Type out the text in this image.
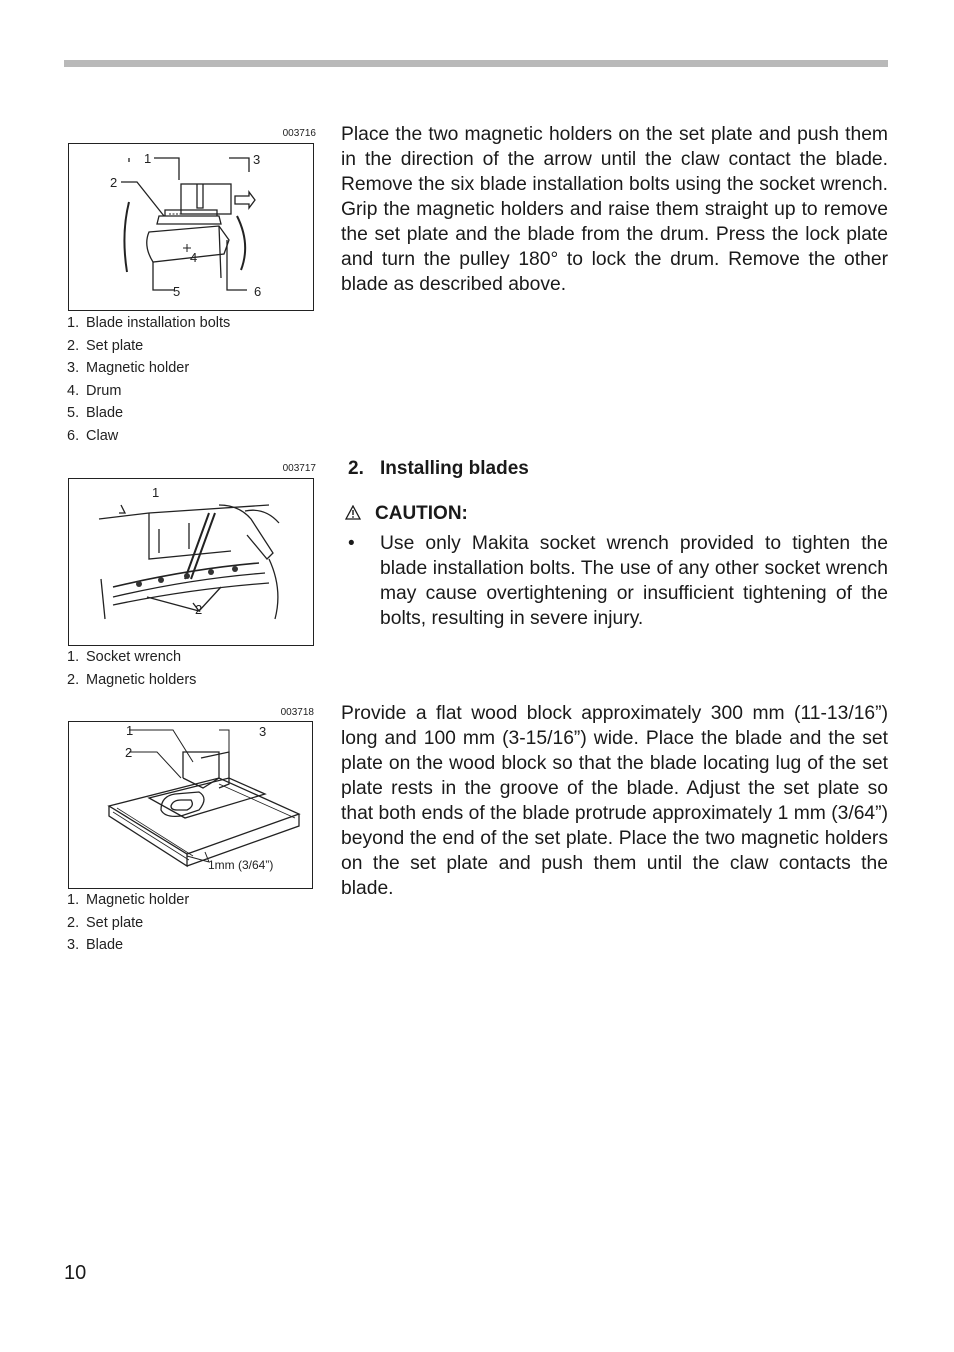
003716
1
2
3
4
5	6
1. Blade installation bolts
2. Set plate
3. Magnetic holder
4. Drum
5. Blade
6. Claw

Place the two magnetic holders on the set plate and push them in the direction of the arrow until the claw contact the blade. Remove the six blade installation bolts using the socket wrench. Grip the magnetic holders and raise them straight up to remove the set plate and the blade from the drum. Press the lock plate and turn the pulley 180° to lock the drum. Remove the other blade as described above.

003717
1
2
1. Socket wrench
2. Magnetic holders
2. Installing blades
CAUTION:
• Use only Makita socket wrench provided to tighten the blade installation bolts. The use of any other socket wrench may cause overtightening or insufficient tightening of the bolts, resulting in severe injury.

003718
1
2
3
1mm (3/64”)
1. Magnetic holder
2. Set plate
3. Blade

Provide a flat wood block approximately 300 mm (11-13/16”) long and 100 mm (3-15/16”) wide. Place the blade and the set plate on the wood block so that the blade locating lug of the set plate rests in the groove of the blade. Adjust the set plate so that both ends of the blade protrude approximately 1 mm (3/64”) beyond the end of the set plate. Place the two magnetic holders on the set plate and push them until the claw contacts the blade.

10
